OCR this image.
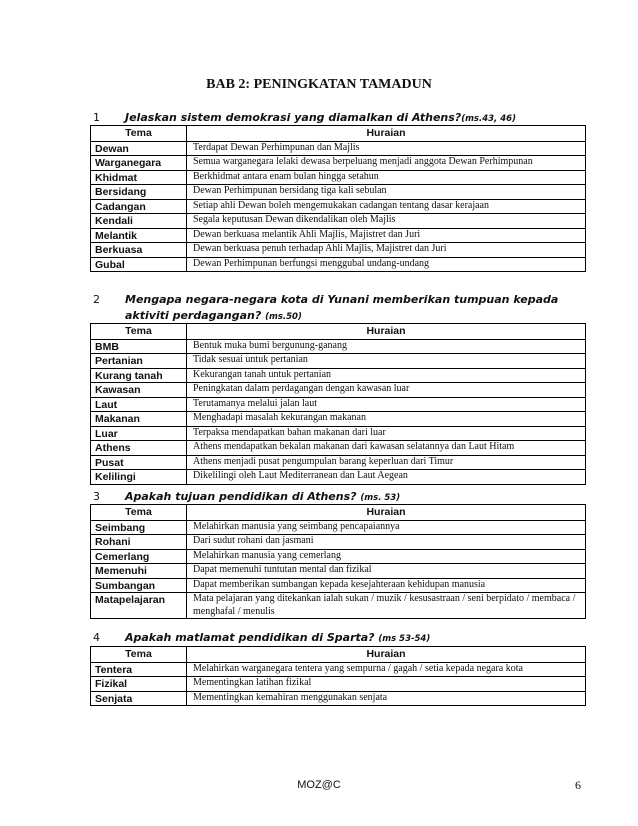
BAB 2: PENINGKATAN TAMADUN
1 Jelaskan sistem demokrasi yang diamalkan di Athens?(ms.43, 46)
Tema	Huraian
Dewan	Terdapat Dewan Perhimpunan dan Majlis
Warganegara	Semua warganegara lelaki dewasa berpeluang menjadi anggota Dewan Perhimpunan
Khidmat	Berkhidmat antara enam bulan hingga setahun
Bersidang	Dewan Perhimpunan bersidang tiga kali sebulan
Cadangan	Setiap ahli Dewan boleh mengemukakan cadangan tentang dasar kerajaan
Kendali	Segala keputusan Dewan dikendalikan oleh Majlis
Melantik	Dewan berkuasa melantik Ahli Majlis, Majistret dan Juri
Berkuasa	Dewan berkuasa penuh terhadap Ahli Majlis, Majistret dan Juri
Gubal	Dewan Perhimpunan berfungsi menggubal undang-undang
2 Mengapa negara-negara kota di Yunani memberikan tumpuan kepada aktiviti perdagangan? (ms.50)
Tema	Huraian
BMB	Bentuk muka bumi bergunung-ganang
Pertanian	Tidak sesuai untuk pertanian
Kurang tanah	Kekurangan tanah untuk pertanian
Kawasan	Peningkatan dalam perdagangan dengan kawasan luar
Laut	Terutamanya melalui jalan laut
Makanan	Menghadapi masalah kekurangan makanan
Luar	Terpaksa mendapatkan bahan makanan dari luar
Athens	Athens mendapatkan bekalan makanan dari kawasan selatannya dan Laut Hitam
Pusat	Athens menjadi pusat pengumpulan barang keperluan dari Timur
Kelilingi	Dikelilingi oleh Laut Mediterranean dan Laut Aegean
3 Apakah tujuan pendidikan di Athens? (ms. 53)
Tema	Huraian
Seimbang	Melahirkan manusia yang seimbang pencapaiannya
Rohani	Dari sudut rohani dan jasmani
Cemerlang	Melahirkan manusia yang cemerlang
Memenuhi	Dapat memenuhi tuntutan mental dan fizikal
Sumbangan	Dapat memberikan sumbangan kepada kesejahteraan kehidupan manusia
Matapelajaran	Mata pelajaran yang ditekankan ialah sukan / muzik / kesusastraan / seni berpidato / membaca / menghafal / menulis
4 Apakah matlamat pendidikan di Sparta? (ms 53-54)
Tema	Huraian
Tentera	Melahirkan warganegara tentera yang sempurna / gagah / setia kepada negara kota
Fizikal	Mementingkan latihan fizikal
Senjata	Mementingkan kemahiran menggunakan senjata
MOZ@C	6
